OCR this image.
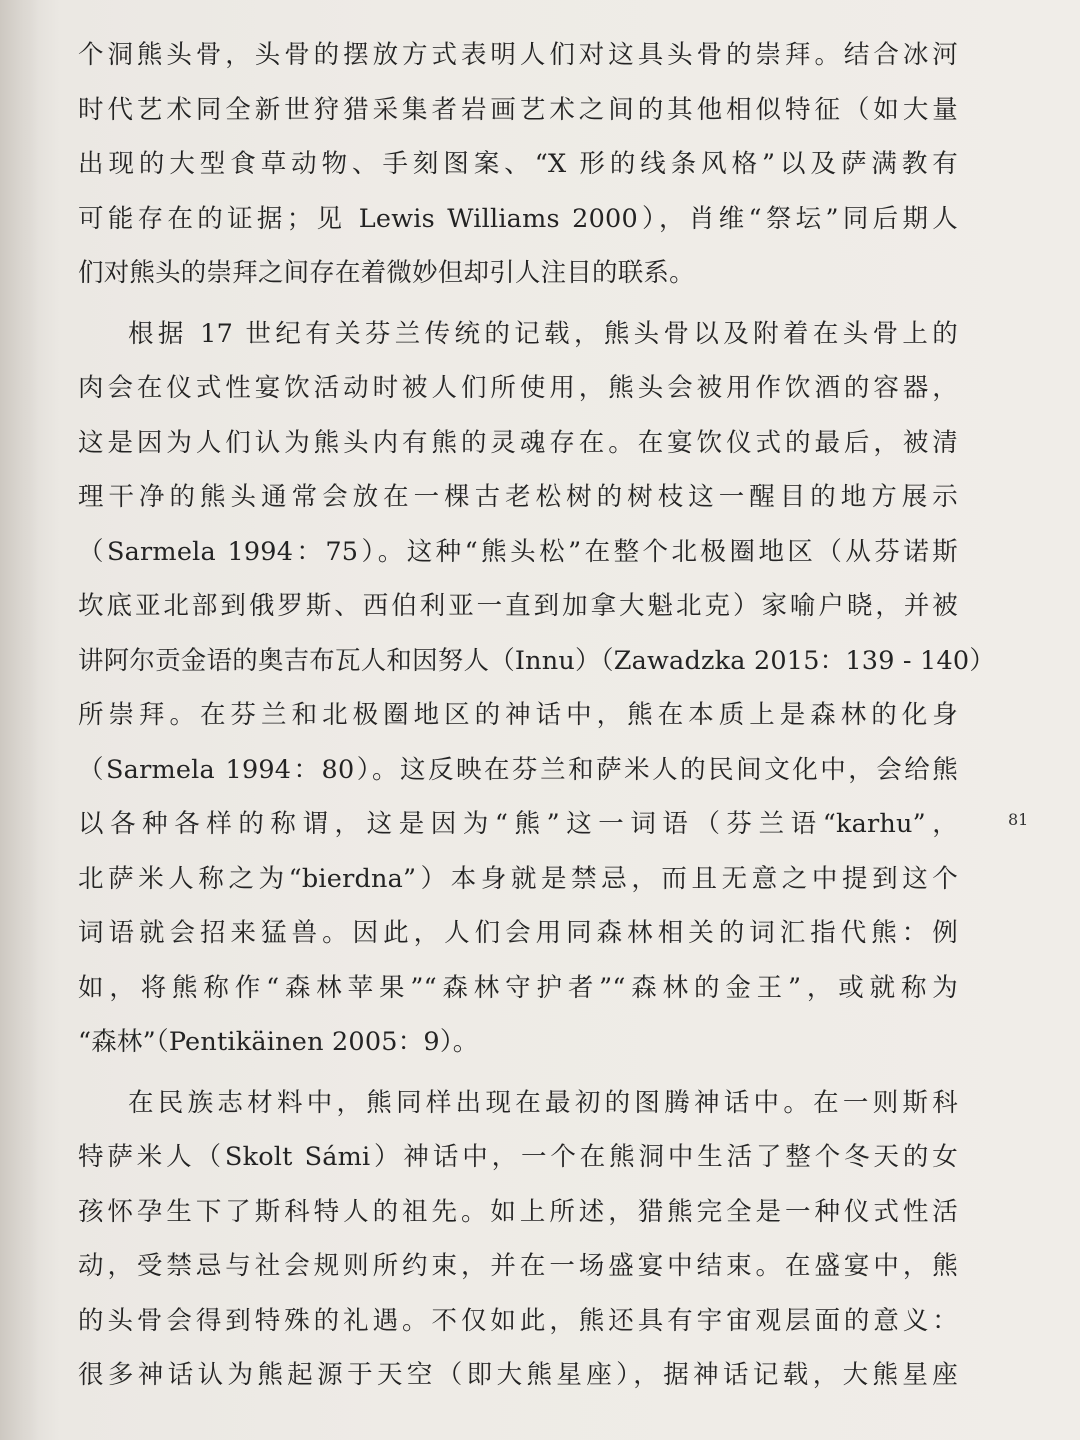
个洞熊头骨，头骨的摆放方式表明人们对这具头骨的崇拜。结合冰河
时代艺术同全新世狩猎采集者岩画艺术之间的其他相似特征（如大量
出现的大型食草动物、手刻图案、“X 形的线条风格”以及萨满教有
可能存在的证据；见 Lewis Williams 2000），肖维“祭坛”同后期人
们对熊头的崇拜之间存在着微妙但却引人注目的联系。
根据 17 世纪有关芬兰传统的记载，熊头骨以及附着在头骨上的
肉会在仪式性宴饮活动时被人们所使用，熊头会被用作饮酒的容器，
这是因为人们认为熊头内有熊的灵魂存在。在宴饮仪式的最后，被清
理干净的熊头通常会放在一棵古老松树的树枝这一醒目的地方展示
（Sarmela 1994：75）。这种“熊头松”在整个北极圈地区（从芬诺斯
坎底亚北部到俄罗斯、西伯利亚一直到加拿大魁北克）家喻户晓，并被
讲阿尔贡金语的奥吉布瓦人和因努人（Innu）（Zawadzka 2015：139 - 140）
所崇拜。在芬兰和北极圈地区的神话中，熊在本质上是森林的化身
（Sarmela 1994：80）。这反映在芬兰和萨米人的民间文化中，会给熊
以各种各样的称谓，这是因为“熊”这一词语（芬兰语“karhu”，
北萨米人称之为“bierdna”）本身就是禁忌，而且无意之中提到这个
词语就会招来猛兽。因此，人们会用同森林相关的词汇指代熊：例
如，将熊称作“森林苹果”“森林守护者”“森林的金王”，或就称为
“森林”（Pentikäinen 2005：9）。
在民族志材料中，熊同样出现在最初的图腾神话中。在一则斯科
特萨米人（Skolt Sámi）神话中，一个在熊洞中生活了整个冬天的女
孩怀孕生下了斯科特人的祖先。如上所述，猎熊完全是一种仪式性活
动，受禁忌与社会规则所约束，并在一场盛宴中结束。在盛宴中，熊
的头骨会得到特殊的礼遇。不仅如此，熊还具有宇宙观层面的意义：
很多神话认为熊起源于天空（即大熊星座），据神话记载，大熊星座
81
